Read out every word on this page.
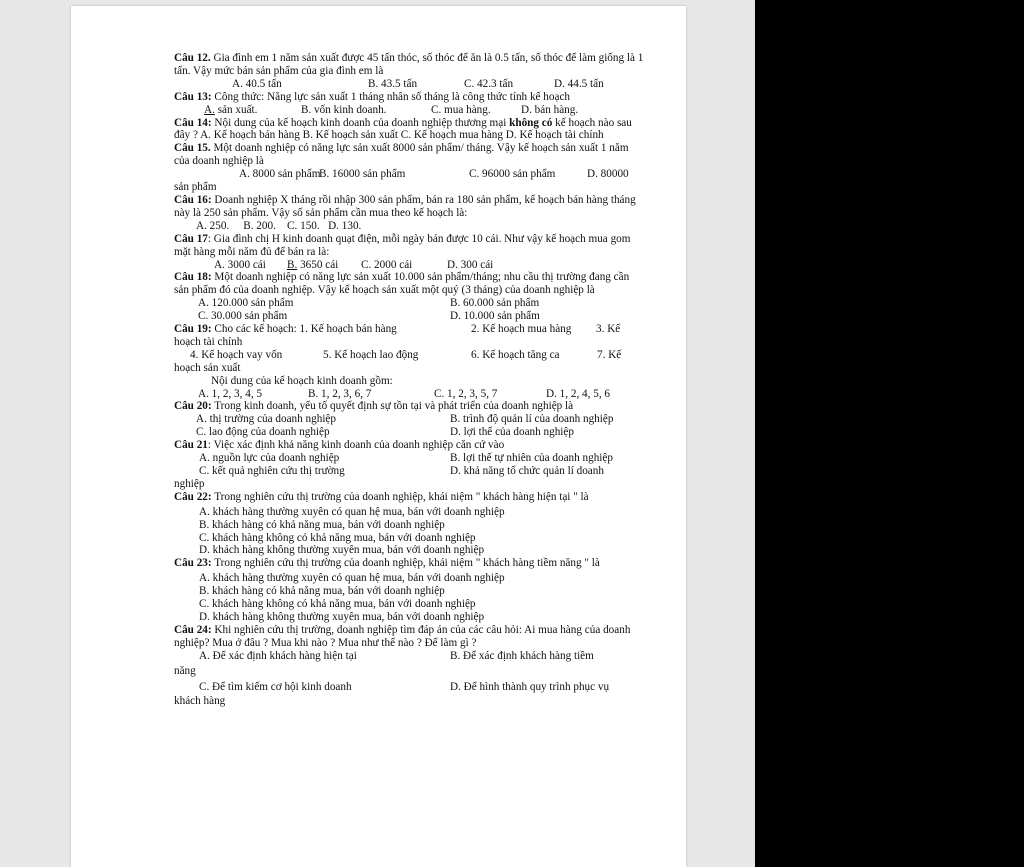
Câu 12. Gia đình em 1 năm sản xuất được 45 tấn thóc, số thóc để ăn là 0.5 tấn, số thóc để làm giống là 1 tấn. Vậy mức bán sản phẩm của gia đình em là

A. 40.5 tấn	B. 43.5 tấn	C. 42.3 tấn	D. 44.5 tấn

Câu 13: Công thức: Năng lực sản xuất 1 tháng nhân số tháng là công thức tính kế hoạch

A. sản xuất.	B. vốn kinh doanh.	C. mua hàng.	D. bán hàng.

Câu 14: Nội dung của kế hoạch kinh doanh của doanh nghiệp thương mại không có kế hoạch nào sau đây ? A. Kế hoạch bán hàng B. Kế hoạch sản xuất C. Kế hoạch mua hàng D. Kế hoạch tài chính

Câu 15. Một doanh nghiệp có năng lực sản xuất 8000 sản phẩm/ tháng. Vậy kế hoạch sản xuất 1 năm của doanh nghiệp là

A. 8000 sản phẩm
B. 16000 sản phẩm	C. 96000 sản phẩm	D. 80000

sản phẩm

Câu 16: Doanh nghiệp X tháng rồi nhập 300 sản phẩm, bán ra 180 sản phẩm, kế hoạch bán hàng tháng này là 250 sản phẩm. Vậy số sản phẩm cần mua theo kế hoạch là:

A. 250.     B. 200.    C. 150.   D. 130.

Câu 17: Gia đình chị H kinh doanh quạt điện, mỗi ngày bán được 10 cái. Như vậy kế hoạch mua gom mặt hàng mỗi năm đủ để bán ra là:

A. 3000 cái	B. 3650 cái	C. 2000 cái	D. 300 cái

Câu 18: Một doanh nghiệp có năng lực sản xuất 10.000 sản phẩm/tháng; nhu cầu thị trường đang cần sản phẩm đó của doanh nghiệp. Vậy kế hoạch sản xuất một quý (3 tháng) của doanh nghiệp là

A. 120.000 sản phẩm	B. 60.000 sản phẩm
C. 30.000 sản phẩm	D. 10.000 sản phẩm
Câu 19: Cho các kế hoạch: 1. Kế hoạch bán hàng	2. Kế hoạch mua hàng	3. Kế

hoạch tài chính

4. Kế hoạch vay vốn	5. Kế hoạch lao động	6. Kế hoạch tăng ca	7. Kế

hoạch sản xuất

Nội dung của kế hoạch kinh doanh gồm:

A. 1, 2, 3, 4, 5	B. 1, 2, 3, 6, 7	C. 1, 2, 3, 5, 7	D. 1, 2, 4, 5, 6

Câu 20: Trong kinh doanh, yếu tố quyết định sự tồn tại và phát triển của doanh nghiệp là

A. thị trường của doanh nghiệp	B. trình độ quản lí của doanh nghiệp
C. lao động của doanh nghiệp	D. lợi thế của doanh nghiệp

Câu 21: Việc xác định khả năng kinh doanh của doanh nghiệp căn cứ vào

A. nguồn lực của doanh nghiệp	B. lợi thế tự nhiên của doanh nghiệp
C. kết quả nghiên cứu thị trường	D. khả năng tổ chức quản lí doanh

nghiệp

Câu 22: Trong nghiên cứu thị trường của doanh nghiệp, khái niệm " khách hàng hiện tại " là

A. khách hàng thường xuyên có quan hệ mua, bán với doanh nghiệp

B. khách hàng có khả năng mua, bán với doanh nghiệp

C. khách hàng không có khả năng mua, bán với doanh nghiệp

D. khách hàng không thường xuyên mua, bán với doanh nghiệp

Câu 23: Trong nghiên cứu thị trường của doanh nghiệp, khái niệm " khách hàng tiềm năng " là

A. khách hàng thường xuyên có quan hệ mua, bán với doanh nghiệp

B. khách hàng có khả năng mua, bán với doanh nghiệp

C. khách hàng không có khả năng mua, bán với doanh nghiệp

D. khách hàng không thường xuyên mua, bán với doanh nghiệp

Câu 24: Khi nghiên cứu thị trường, doanh nghiệp tìm đáp án của các câu hỏi: Ai mua hàng của doanh nghiệp? Mua ở đâu ? Mua khi nào ? Mua như thế nào ? Để làm gì ?

A. Để xác định khách hàng hiện tại	B. Để xác định khách hàng tiềm

năng

C. Để tìm kiếm cơ hội kinh doanh	D. Để hình thành quy trình phục vụ

khách hàng
